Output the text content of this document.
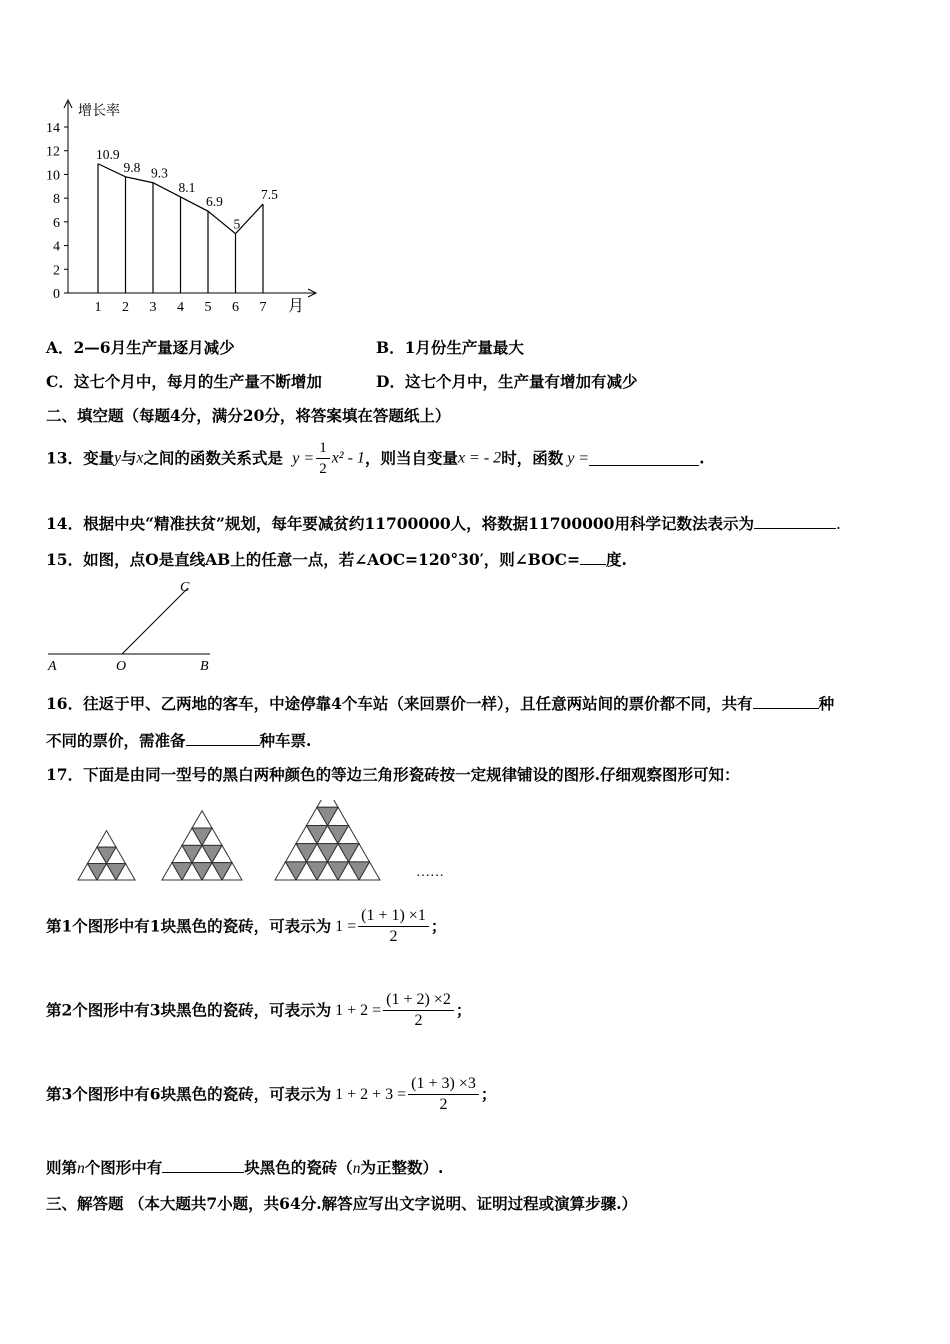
增长率
月
0
2
4
6
8
10
12
14
1 2 3 4 5 6 7
10.9
9.8 9.3
8.1
6.9
5
7.5
A．2—6月生产量逐月减少	B．1月份生产量最大
C．这七个月中，每月的生产量不断增加	D．这七个月中，生产量有增加有减少
二、填空题（每题4分，满分20分，将答案填在答题纸上）
13．变量y与x之间的函数关系式是 $y = \frac{1}{2} x^2 - 1$，则当自变量x = - 2时，函数 y =	.
14．根据中央“精准扶贫”规划，每年要减贫约11700000人，将数据11700000用科学记数法表示为	.
15．如图，点O是直线AB上的任意一点，若∠AOC=120°30′，则∠BOC= 度.
A	O	B
C
16．往返于甲、乙两地的客车，中途停靠4个车站（来回票价一样），且任意两站间的票价都不同，共有	种
不同的票价，需准备	种车票.
17．下面是由同一型号的黑白两种颜色的等边三角形瓷砖按一定规律铺设的图形.仔细观察图形可知：
……
第1个图形中有1块黑色的瓷砖，可表示为 $1 = \frac{(1 + 1) \times 1}{2}$ ；
第2个图形中有3块黑色的瓷砖，可表示为 $1 + 2 = \frac{(1 + 2) \times 2}{2}$ ；
第3个图形中有6块黑色的瓷砖，可表示为 $1 + 2 + 3 = \frac{(1 + 3) \times 3}{2}$ ；
则第n个图形中有	块黑色的瓷砖（n为正整数）.
三、解答题 （本大题共7小题，共64分.解答应写出文字说明、证明过程或演算步骤.）
